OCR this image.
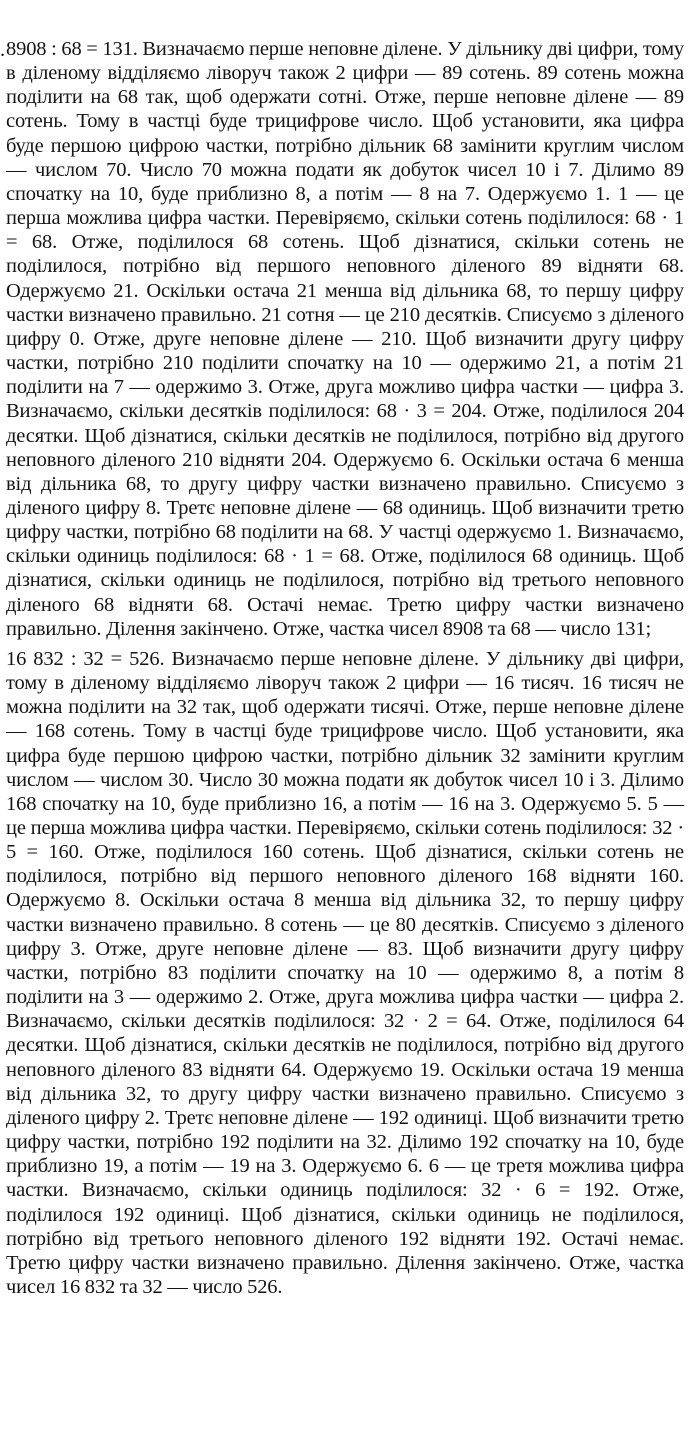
. 8908 : 68 = 131. Визначаємо перше неповне ділене. У дільнику дві цифри, тому в діленому відділяємо ліворуч також 2 цифри — 89 сотень. 89 сотень можна поділити на 68 так, щоб одержати сотні. Отже, перше неповне ділене — 89 сотень. Тому в частці буде трицифрове число. Щоб установити, яка цифра буде першою цифрою частки, потрібно дільник 68 замінити круглим числом — числом 70. Число 70 можна подати як добуток чисел 10 і 7. Ділимо 89 спочатку на 10, буде приблизно 8, а потім — 8 на 7. Одержуємо 1. 1 — це перша можлива цифра частки. Перевіряємо, скільки сотень поділилося: 68 · 1 = 68. Отже, поділилося 68 сотень. Щоб дізнатися, скільки сотень не поділилося, потрібно від першого неповного діленого 89 відняти 68. Одержуємо 21. Оскільки остача 21 менша від дільника 68, то першу цифру частки визначено правильно. 21 сотня — це 210 десятків. Списуємо з діленого цифру 0. Отже, друге неповне ділене — 210. Щоб визначити другу цифру частки, потрібно 210 поділити спочатку на 10 — одержимо 21, а потім 21 поділити на 7 — одержимо 3. Отже, друга можливо цифра частки — цифра 3. Визначаємо, скільки десятків поділилося: 68 · 3 = 204. Отже, поділилося 204 десятки. Щоб дізнатися, скільки десятків не поділилося, потрібно від другого неповного діленого 210 відняти 204. Одержуємо 6. Оскільки остача 6 менша від дільника 68, то другу цифру частки визначено правильно. Списуємо з діленого цифру 8. Третє неповне ділене — 68 одиниць. Щоб визначити третю цифру частки, потрібно 68 поділити на 68. У частці одержуємо 1. Визначаємо, скільки одиниць поділилося: 68 · 1 = 68. Отже, поділилося 68 одиниць. Щоб дізнатися, скільки одиниць не поділилося, потрібно від третього неповного діленого 68 відняти 68. Остачі немає. Третю цифру частки визначено правильно. Ділення закінчено. Отже, частка чисел 8908 та 68 — число 131;

16 832 : 32 = 526. Визначаємо перше неповне ділене. У дільнику дві цифри, тому в діленому відділяємо ліворуч також 2 цифри — 16 тисяч. 16 тисяч не можна поділити на 32 так, щоб одержати тисячі. Отже, перше неповне ділене — 168 сотень. Тому в частці буде трицифрове число. Щоб установити, яка цифра буде першою цифрою частки, потрібно дільник 32 замінити круглим числом — числом 30. Число 30 можна подати як добуток чисел 10 і 3. Ділимо 168 спочатку на 10, буде приблизно 16, а потім — 16 на 3. Одержуємо 5. 5 — це перша можлива цифра частки. Перевіряємо, скільки сотень поділилося: 32 · 5 = 160. Отже, поділилося 160 сотень. Щоб дізнатися, скільки сотень не поділилося, потрібно від першого неповного діленого 168 відняти 160. Одержуємо 8. Оскільки остача 8 менша від дільника 32, то першу цифру частки визначено правильно. 8 сотень — це 80 десятків. Списуємо з діленого цифру 3. Отже, друге неповне ділене — 83. Щоб визначити другу цифру частки, потрібно 83 поділити спочатку на 10 — одержимо 8, а потім 8 поділити на 3 — одержимо 2. Отже, друга можлива цифра частки — цифра 2. Визначаємо, скільки десятків поділилося: 32 · 2 = 64. Отже, поділилося 64 десятки. Щоб дізнатися, скільки десятків не поділилося, потрібно від другого неповного діленого 83 відняти 64. Одержуємо 19. Оскільки остача 19 менша від дільника 32, то другу цифру частки визначено правильно. Списуємо з діленого цифру 2. Третє неповне ділене — 192 одиниці. Щоб визначити третю цифру частки, потрібно 192 поділити на 32. Ділимо 192 спочатку на 10, буде приблизно 19, а потім — 19 на 3. Одержуємо 6. 6 — це третя можлива цифра частки. Визначаємо, скільки одиниць поділилося: 32 · 6 = 192. Отже, поділилося 192 одиниці. Щоб дізнатися, скільки одиниць не поділилося, потрібно від третього неповного діленого 192 відняти 192. Остачі немає. Третю цифру частки визначено правильно. Ділення закінчено. Отже, частка чисел 16 832 та 32 — число 526.
